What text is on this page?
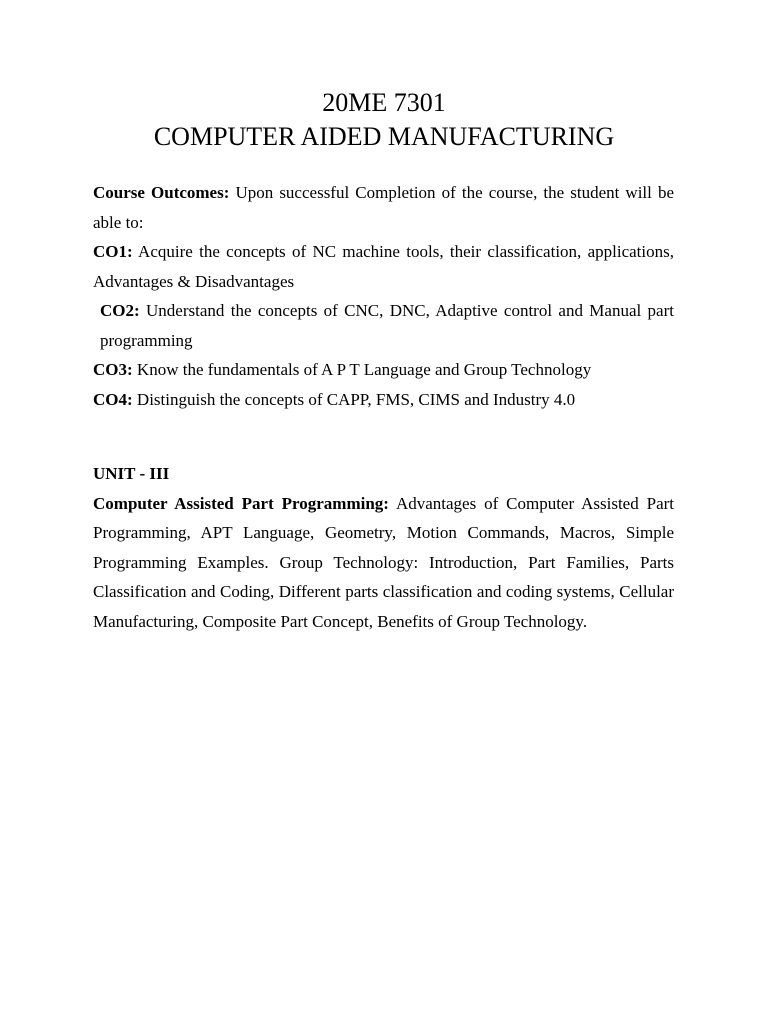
20ME 7301
COMPUTER AIDED MANUFACTURING

Course Outcomes: Upon successful Completion of the course, the student will be able to:

CO1: Acquire the concepts of NC machine tools, their classification, applications, Advantages & Disadvantages

CO2: Understand the concepts of CNC, DNC, Adaptive control and Manual part programming

CO3: Know the fundamentals of A P T Language and Group Technology

CO4: Distinguish the concepts of CAPP, FMS, CIMS and Industry 4.0

UNIT - III

Computer Assisted Part Programming: Advantages of Computer Assisted Part Programming, APT Language, Geometry, Motion Commands, Macros, Simple Programming Examples. Group Technology: Introduction, Part Families, Parts Classification and Coding, Different parts classification and coding systems, Cellular Manufacturing, Composite Part Concept, Benefits of Group Technology.
